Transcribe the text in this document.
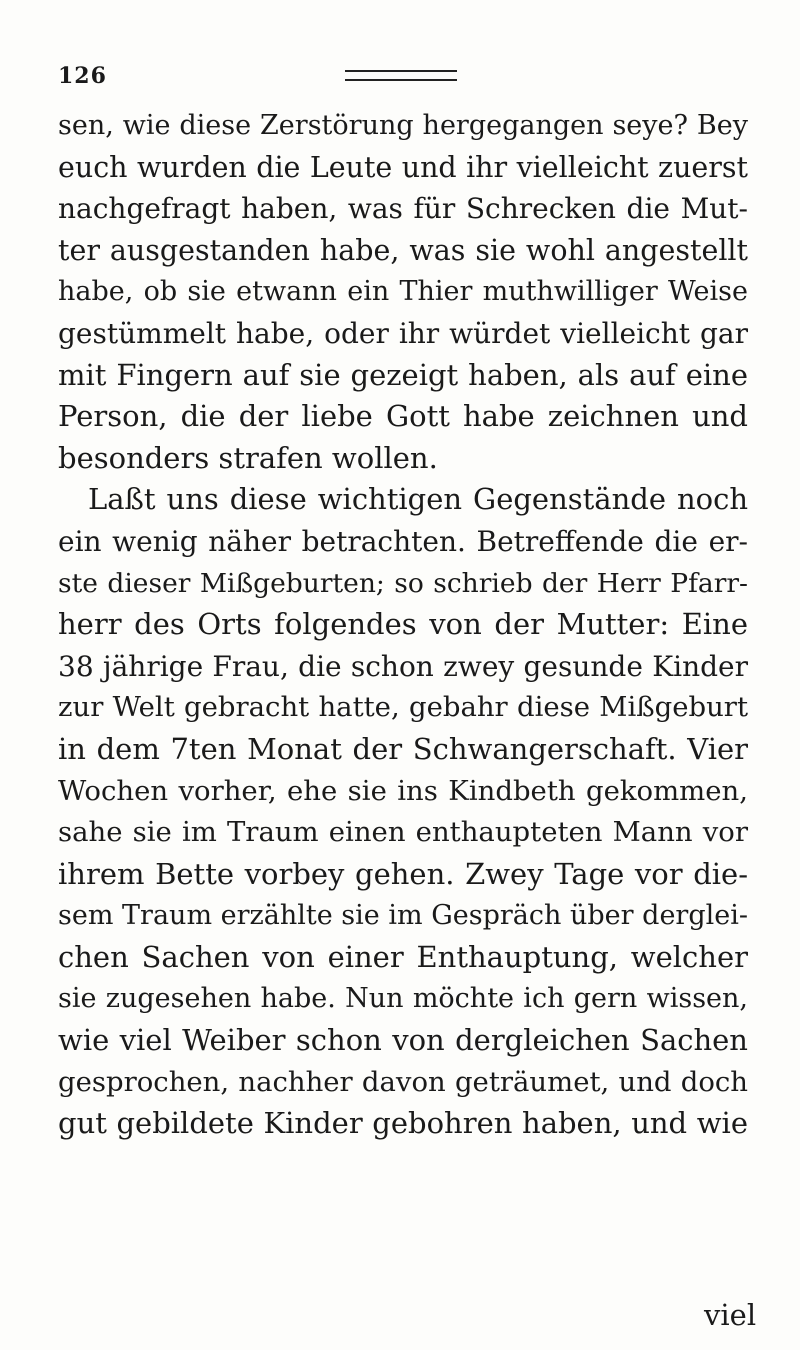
126
sen, wie diese Zerstörung hergegangen seye? Bey
euch wurden die Leute und ihr vielleicht zuerst
nachgefragt haben, was für Schrecken die Mut-
ter ausgestanden habe, was sie wohl angestellt
habe, ob sie etwann ein Thier muthwilliger Weise
gestümmelt habe, oder ihr würdet vielleicht gar
mit Fingern auf sie gezeigt haben, als auf eine
Person, die der liebe Gott habe zeichnen und
besonders strafen wollen.
Laßt uns diese wichtigen Gegenstände noch
ein wenig näher betrachten. Betreffende die er-
ste dieser Mißgeburten; so schrieb der Herr Pfarr-
herr des Orts folgendes von der Mutter: Eine
38 jährige Frau, die schon zwey gesunde Kinder
zur Welt gebracht hatte, gebahr diese Mißgeburt
in dem 7ten Monat der Schwangerschaft. Vier
Wochen vorher, ehe sie ins Kindbeth gekommen,
sahe sie im Traum einen enthaupteten Mann vor
ihrem Bette vorbey gehen. Zwey Tage vor die-
sem Traum erzählte sie im Gespräch über derglei-
chen Sachen von einer Enthauptung, welcher
sie zugesehen habe. Nun möchte ich gern wissen,
wie viel Weiber schon von dergleichen Sachen
gesprochen, nachher davon geträumet, und doch
gut gebildete Kinder gebohren haben, und wie
viel
